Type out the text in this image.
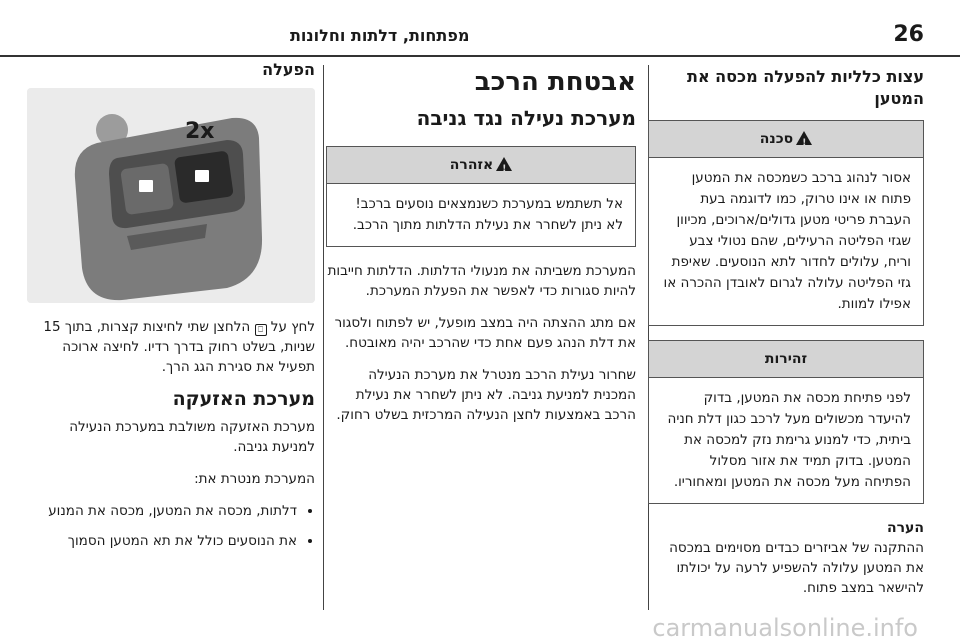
26
מפתחות, דלתות וחלונות
עצות כלליות להפעלה מכסה את המטען
!סכנה
אסור לנהוג ברכב כשמכסה את המטען פתוח או אינו טרוק, כמו לדוגמה בעת העברת פריטי מטען גדולים/ארוכים, מכיוון שגזי הפליטה הרעילים, שהם נטולי צבע וריח, עלולים לחדור לתא הנוסעים. שאיפת גזי הפליטה עלולה לגרום לאובדן ההכרה או אפילו למוות.
זהירות
לפני פתיחת מכסה את המטען, בדוק להיעדר מכשולים מעל לרכב כגון דלת חניה ביתית, כדי למנוע גרימת נזק למכסה את המטען. בדוק תמיד את אזור מסלול הפתיחה מעל מכסה את המטען ומאחוריו.
הערה

ההתקנה של אביזרים כבדים מסוימים במכסה את המטען עלולה להשפיע לרעה על יכולתו להישאר במצב פתוח.

אבטחת הרכב
מערכת נעילה נגד גניבה
!אזהרה
אל תשתמש במערכת כשנמצאים נוסעים ברכב! לא ניתן לשחרר את נעילת הדלתות מתוך הרכב.

המערכת משביתה את מנעולי הדלתות. הדלתות חייבות להיות סגורות כדי לאפשר את הפעלת המערכת.

אם מתג ההצתה היה במצב מופעל, יש לפתוח ולסגור את דלת הנהג פעם אחת כדי שהרכב יהיה מאובטח.

שחרור נעילת הרכב מנטרל את מערכת הנעילה המכנית למניעת גניבה. לא ניתן לשחרר את נעילת הרכב באמצעות לחצן הנעילה המרכזית בשלט רחוק.

הפעלה
2x

לחץ על ⎕ הלחצן שתי לחיצות קצרות, בתוך 15 שניות, בשלט רחוק בדרך רדיו. לחיצה ארוכה תפעיל את סגירת הגג הרך.

מערכת האזעקה

מערכת האזעקה משולבת במערכת הנעילה למניעת גניבה.

המערכת מנטרת את:

• דלתות, מכסה את המטען, מכסה את המנוע
• את הנוסעים כולל את תא המטען הסמוך
carmanualsonline.info
